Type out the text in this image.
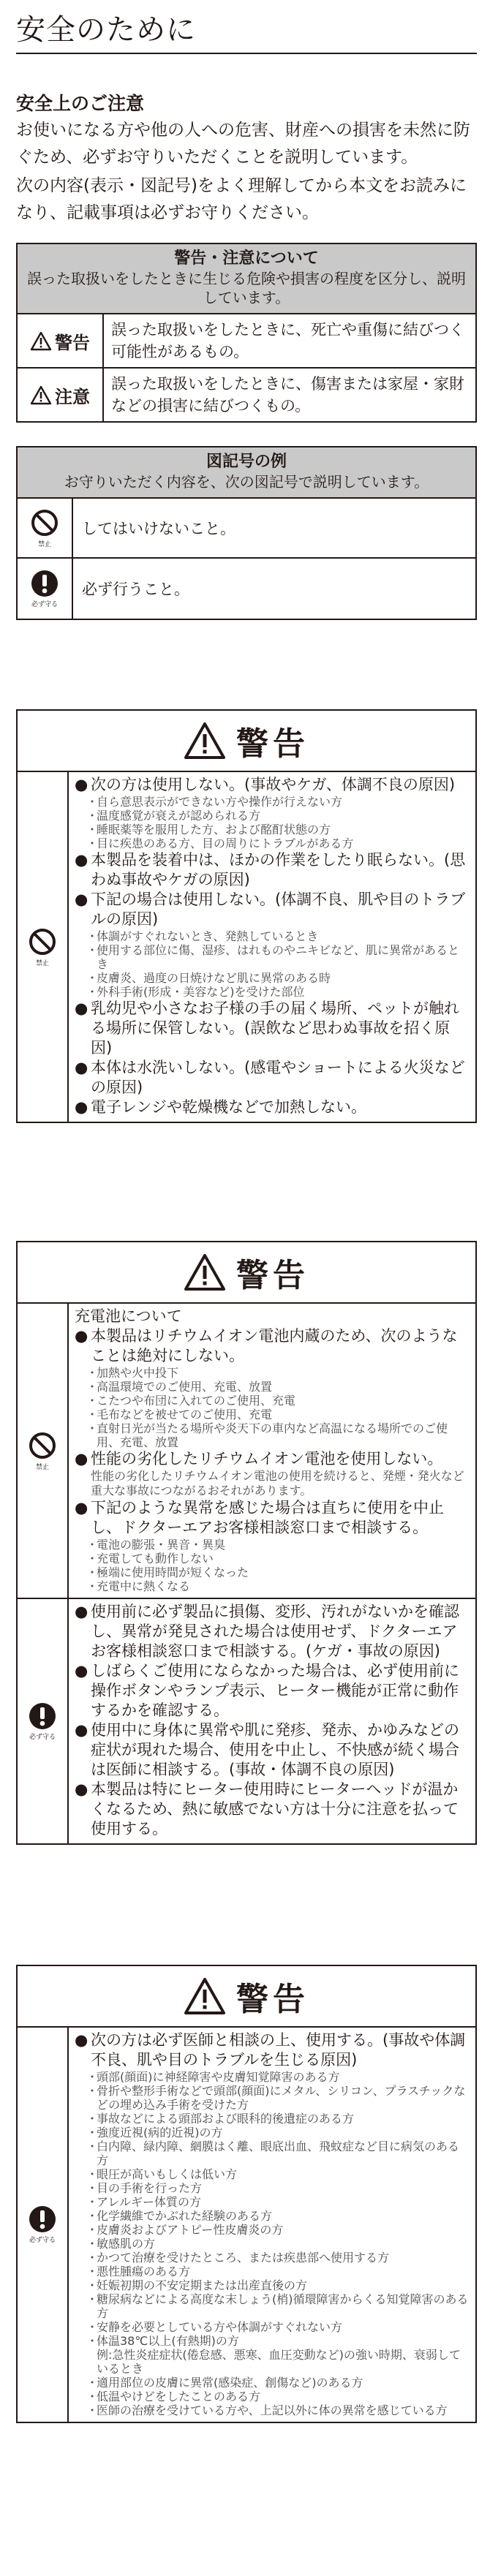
安全のために
安全上のご注意

お使いになる方や他の人への危害、財産への損害を未然に防ぐため、必ずお守りいただくことを説明しています。

次の内容(表示・図記号)をよく理解してから本文をお読みになり、記載事項は必ずお守りください。

警告・注意について
誤った取扱いをしたときに生じる危険や損害の程度を区分し、説明しています。
警告
誤った取扱いをしたときに、死亡や重傷に結びつく可能性があるもの。
注意
誤った取扱いをしたときに、傷害または家屋・家財などの損害に結びつくもの。
図記号の例
お守りいただく内容を、次の図記号で説明しています。
禁止
してはいけないこと。
必ず守る
必ず行うこと。
警告
禁止
● 次の方は使用しない。(事故やケガ、体調不良の原因)
・自ら意思表示ができない方や操作が行えない方
・温度感覚が衰えが認められる方
・睡眠薬等を服用した方、および酩酊状態の方
・目に疾患のある方、目の周りにトラブルがある方
● 本製品を装着中は、ほかの作業をしたり眠らない。(思わぬ事故やケガの原因)
● 下記の場合は使用しない。(体調不良、肌や目のトラブルの原因)
・体調がすぐれないとき、発熱しているとき
・使用する部位に傷、湿疹、はれものやニキビなど、肌に異常があるとき
・皮膚炎、過度の日焼けなど肌に異常のある時
・外科手術(形成・美容など)を受けた部位
● 乳幼児や小さなお子様の手の届く場所、ペットが触れる場所に保管しない。(誤飲など思わぬ事故を招く原因)
● 本体は水洗いしない。(感電やショートによる火災などの原因)
● 電子レンジや乾燥機などで加熱しない。
警告
禁止
充電池について
● 本製品はリチウムイオン電池内蔵のため、次のようなことは絶対にしない。
・加熱や火中投下
・高温環境でのご使用、充電、放置
・こたつや布団に入れてのご使用、充電
・毛布などを被せてのご使用、充電
・直射日光が当たる場所や炎天下の車内など高温になる場所でのご使用、充電、放置
● 性能の劣化したリチウムイオン電池を使用しない。
性能の劣化したリチウムイオン電池の使用を続けると、発煙・発火など重大な事故につながるおそれがあります。
● 下記のような異常を感じた場合は直ちに使用を中止し、ドクターエアお客様相談窓口まで相談する。
・電池の膨張・異音・異臭
・充電しても動作しない
・極端に使用時間が短くなった
・充電中に熱くなる
必ず守る
● 使用前に必ず製品に損傷、変形、汚れがないかを確認し、異常が発見された場合は使用せず、ドクターエアお客様相談窓口まで相談する。(ケガ・事故の原因)
● しばらくご使用にならなかった場合は、必ず使用前に操作ボタンやランプ表示、ヒーター機能が正常に動作するかを確認する。
● 使用中に身体に異常や肌に発疹、発赤、かゆみなどの症状が現れた場合、使用を中止し、不快感が続く場合は医師に相談する。(事故・体調不良の原因)
● 本製品は特にヒーター使用時にヒーターヘッドが温かくなるため、熱に敏感でない方は十分に注意を払って使用する。
警告
必ず守る
● 次の方は必ず医師と相談の上、使用する。(事故や体調不良、肌や目のトラブルを生じる原因)
・頭部(顔面)に神経障害や皮膚知覚障害のある方
・骨折や整形手術などで頭部(顔面)にメタル、シリコン、プラスチックなどの埋め込み手術を受けた方
・事故などによる頭部および眼科的後遺症のある方
・強度近視(病的近視)の方
・白内障、緑内障、網膜はく離、眼底出血、飛蚊症など目に病気のある方
・眼圧が高いもしくは低い方
・目の手術を行った方
・アレルギー体質の方
・化学繊維でかぶれた経験のある方
・皮膚炎およびアトピー性皮膚炎の方
・敏感肌の方
・かつて治療を受けたところ、または疾患部へ使用する方
・悪性腫瘍のある方
・妊娠初期の不安定期または出産直後の方
・糖尿病などによる高度な末しょう(梢)循環障害からくる知覚障害のある方
・安静を必要としている方や体調がすぐれない方
・体温38℃以上(有熱期)の方
例:急性炎症症状(倦怠感、悪寒、血圧変動など)の強い時期、衰弱しているとき
・適用部位の皮膚に異常(感染症、創傷など)のある方
・低温やけどをしたことのある方
・医師の治療を受けている方や、上記以外に体の異常を感じている方
